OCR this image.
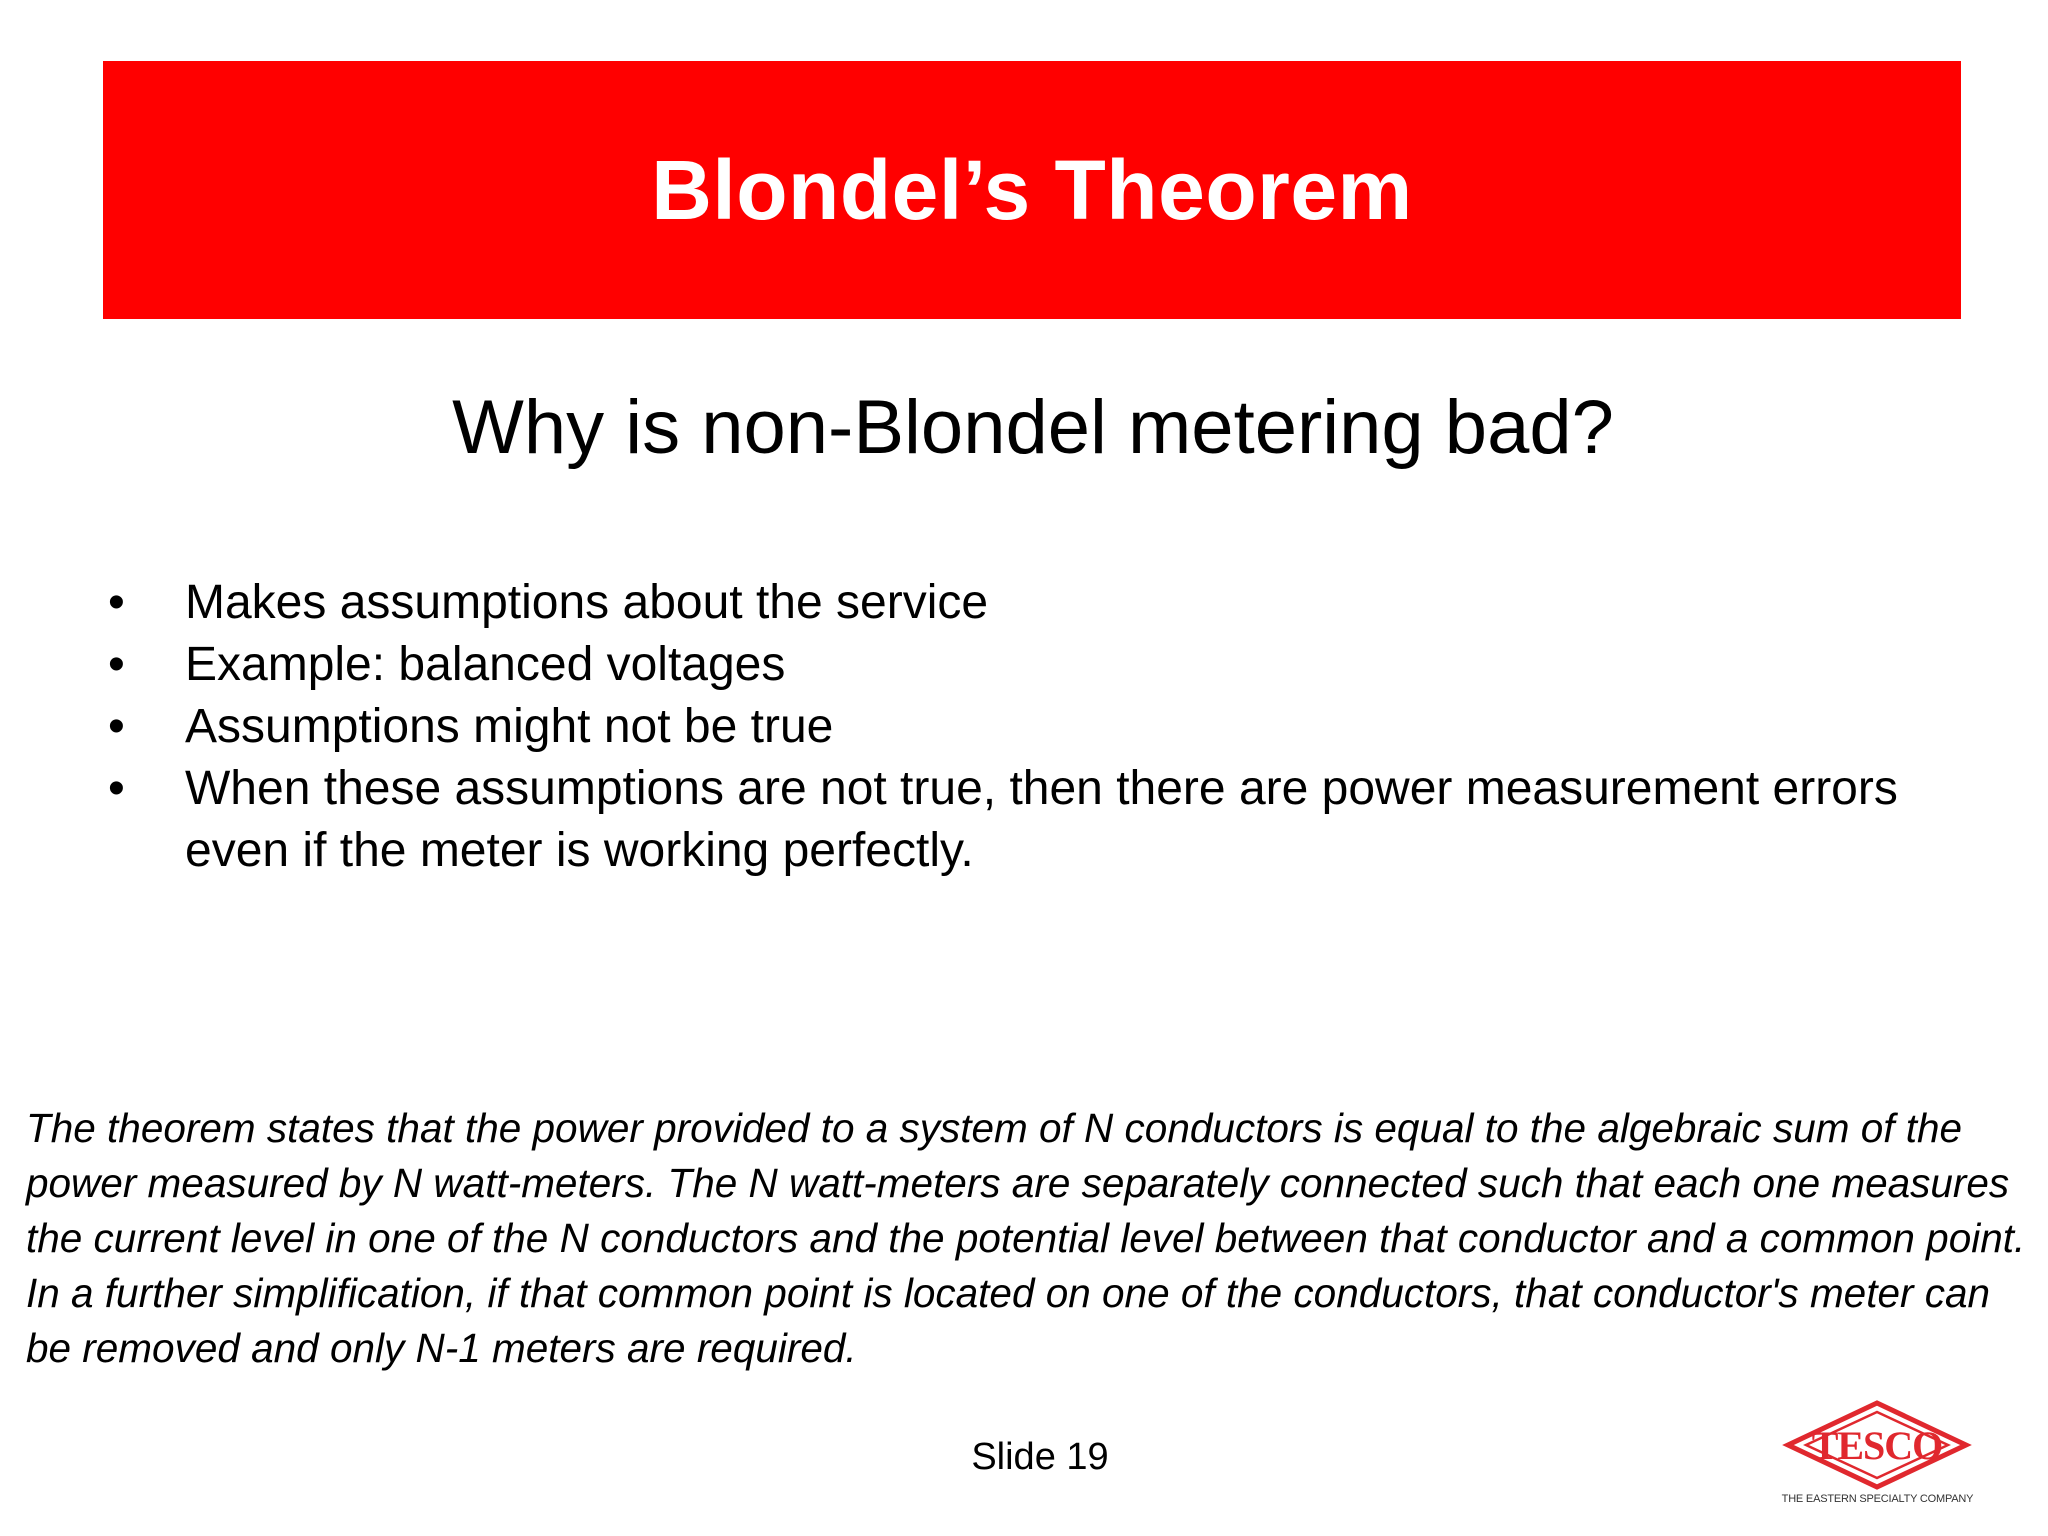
Blondel’s Theorem
Why is non-Blondel metering bad?
• Makes assumptions about the service
• Example: balanced voltages
• Assumptions might not be true
• When these assumptions are not true, then there are power measurement errors even if the meter is working perfectly.
The theorem states that the power provided to a system of N conductors is equal to the algebraic sum of the power measured by N watt-meters. The N watt-meters are separately connected such that each one measures the current level in one of the N conductors and the potential level between that conductor and a common point. In a further simplification, if that common point is located on one of the conductors, that conductor's meter can be removed and only N-1 meters are required.
Slide 19	TESCO
THE EASTERN SPECIALTY COMPANY
